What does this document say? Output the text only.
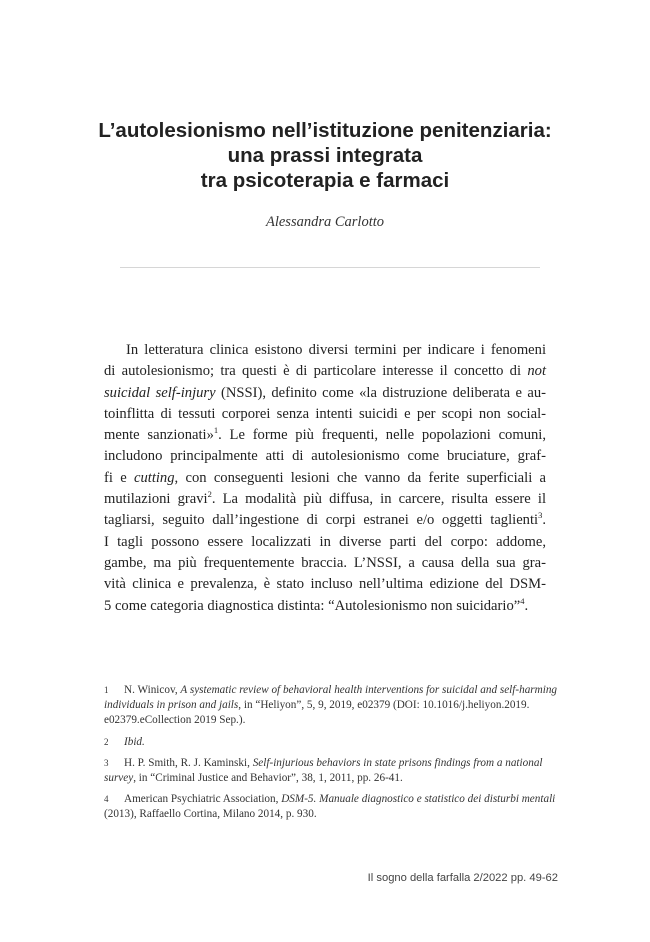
L’autolesionismo nell’istituzione penitenziaria:
una prassi integrata
tra psicoterapia e farmaci
Alessandra Carlotto
In letteratura clinica esistono diversi termini per indicare i fenomeni
di autolesionismo; tra questi è di particolare interesse il concetto di not
suicidal self-injury (NSSI), definito come «la distruzione deliberata e au-
toinflitta di tessuti corporei senza intenti suicidi e per scopi non social-
mente sanzionati»$^1$. Le forme più frequenti, nelle popolazioni comuni,
includono principalmente atti di autolesionismo come bruciature, graf-
fi e cutting, con conseguenti lesioni che vanno da ferite superficiali a
mutilazioni gravi$^2$. La modalità più diffusa, in carcere, risulta essere il
tagliarsi, seguito dall’ingestione di corpi estranei e/o oggetti taglienti$^3$.
I tagli possono essere localizzati in diverse parti del corpo: addome,
gambe, ma più frequentemente braccia. L’NSSI, a causa della sua gra-
vità clinica e prevalenza, è stato incluso nell’ultima edizione del DSM-
5 come categoria diagnostica distinta: “Autolesionismo non suicidario”$^4$.
1 N. Winicov, A systematic review of behavioral health interventions for suicidal and self-harming
individuals in prison and jails, in “Heliyon”, 5, 9, 2019, e02379 (DOI: 10.1016/j.heliyon.2019.
e02379.eCollection 2019 Sep.).
2 Ibid.
3 H. P. Smith, R. J. Kaminski, Self-injurious behaviors in state prisons findings from a national
survey, in “Criminal Justice and Behavior”, 38, 1, 2011, pp. 26-41.
4 American Psychiatric Association, DSM-5. Manuale diagnostico e statistico dei disturbi mentali
(2013), Raffaello Cortina, Milano 2014, p. 930.
Il sogno della farfalla 2/2022 pp. 49-62
